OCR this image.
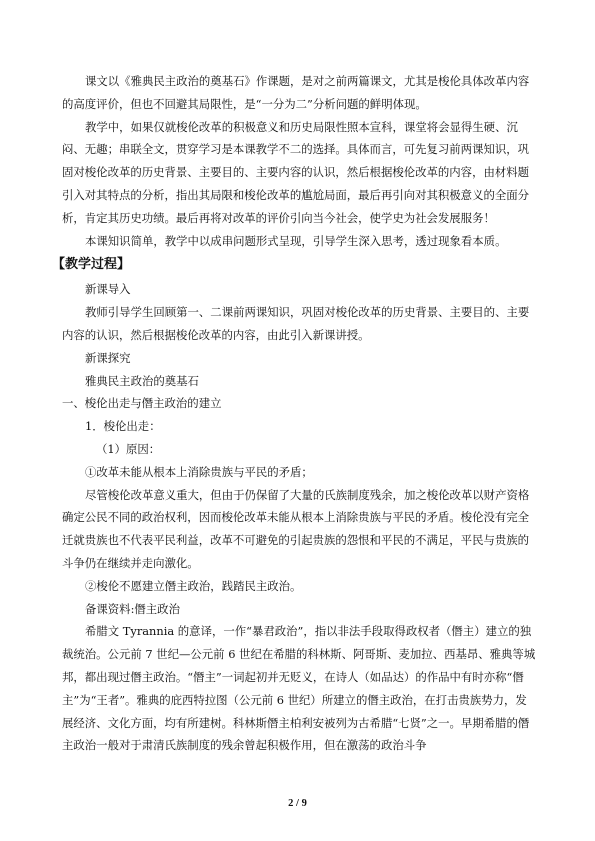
课文以《雅典民主政治的奠基石》作课题，是对之前两篇课文，尤其是梭伦具体改革内容的高度评价，但也不回避其局限性，是“一分为二”分析问题的鲜明体现。

教学中，如果仅就梭伦改革的积极意义和历史局限性照本宣科，课堂将会显得生硬、沉闷、无趣；串联全文，贯穿学习是本课教学不二的选择。具体而言，可先复习前两课知识，巩固对梭伦改革的历史背景、主要目的、主要内容的认识，然后根据梭伦改革的内容，由材料题引入对其特点的分析，指出其局限和梭伦改革的尴尬局面，最后再引向对其积极意义的全面分析，肯定其历史功绩。最后再将对改革的评价引向当今社会，使学史为社会发展服务！

本课知识简单，教学中以成串问题形式呈现，引导学生深入思考，透过现象看本质。

【教学过程】

新课导入

教师引导学生回顾第一、二课前两课知识，巩固对梭伦改革的历史背景、主要目的、主要内容的认识，然后根据梭伦改革的内容，由此引入新课讲授。

新课探究

雅典民主政治的奠基石

一、梭伦出走与僭主政治的建立

1．梭伦出走：

（1）原因：

①改革未能从根本上消除贵族与平民的矛盾；

尽管梭伦改革意义重大，但由于仍保留了大量的氏族制度残余，加之梭伦改革以财产资格确定公民不同的政治权利，因而梭伦改革未能从根本上消除贵族与平民的矛盾。梭伦没有完全迁就贵族也不代表平民利益，改革不可避免的引起贵族的怨恨和平民的不满足，平民与贵族的斗争仍在继续并走向激化。

②梭伦不愿建立僭主政治，践踏民主政治。

备课资料:僭主政治

希腊文 Tyrannia 的意译，一作“暴君政治”，指以非法手段取得政权者（僭主）建立的独裁统治。公元前 7 世纪—公元前 6 世纪在希腊的科林斯、阿哥斯、麦加拉、西基昂、雅典等城邦，都出现过僭主政治。“僭主”一词起初并无贬义，在诗人（如品达）的作品中有时亦称“僭主”为“王者”。雅典的庇西特拉图（公元前 6 世纪）所建立的僭主政治，在打击贵族势力，发展经济、文化方面，均有所建树。科林斯僭主柏利安被列为古希腊“七贤”之一。早期希腊的僭主政治一般对于肃清氏族制度的残余曾起积极作用，但在激荡的政治斗争

2 / 9
